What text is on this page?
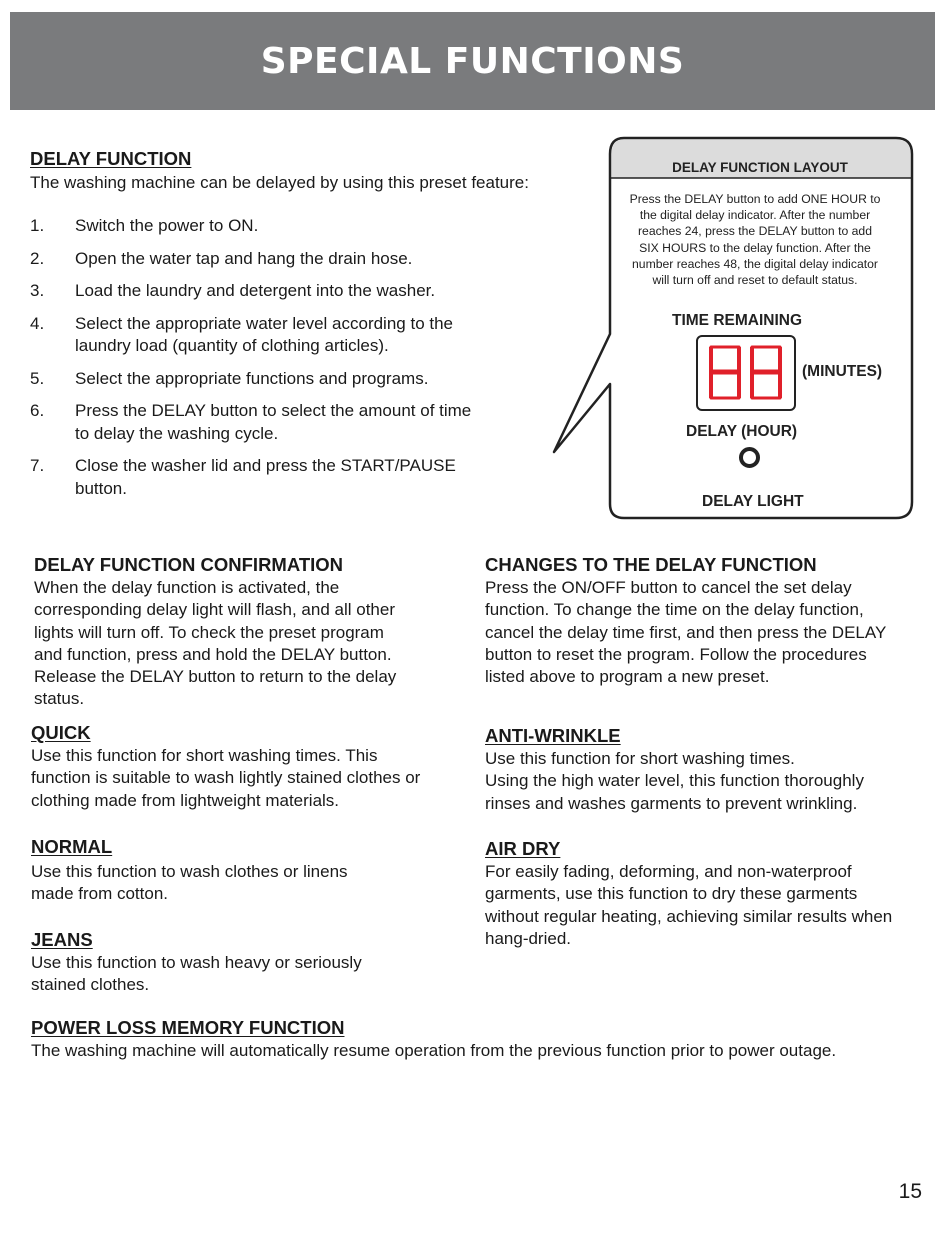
SPECIAL FUNCTIONS
DELAY FUNCTION
The washing machine can be delayed by using this preset feature:
1. Switch the power to ON.
2. Open the water tap and hang the drain hose.
3. Load the laundry and detergent into the washer.
4. Select the appropriate water level according to the laundry load (quantity of clothing articles).
5. Select the appropriate functions and programs.
6. Press the DELAY button to select the amount of time to delay the washing cycle.
7. Close the washer lid and press the START/PAUSE button.
DELAY FUNCTION LAYOUT
Press the DELAY button to add ONE HOUR to the digital delay indicator. After the number reaches 24, press the DELAY button to add SIX HOURS to the delay function. After the number reaches 48, the digital delay indicator will turn off and reset to default status.
TIME REMAINING
(MINUTES)
DELAY (HOUR)
DELAY LIGHT
DELAY FUNCTION CONFIRMATION
When the delay function is activated, the corresponding delay light will flash, and all other lights will turn off. To check the preset program and function, press and hold the DELAY button. Release the DELAY button to return to the delay status.
CHANGES TO THE DELAY FUNCTION
Press the ON/OFF button to cancel the set delay function. To change the time on the delay function, cancel the delay time first, and then press the DELAY button to reset the program. Follow the procedures listed above to program a new preset.
QUICK
Use this function for short washing times. This function is suitable to wash lightly stained clothes or clothing made from lightweight materials.
ANTI-WRINKLE
Use this function for short washing times.
Using the high water level, this function thoroughly rinses and washes garments to prevent wrinkling.
NORMAL
Use this function to wash clothes or linens made from cotton.
AIR DRY
For easily fading, deforming, and non-waterproof garments, use this function to dry these garments without regular heating, achieving similar results when hang-dried.
JEANS
Use this function to wash heavy or seriously stained clothes.
POWER LOSS MEMORY FUNCTION
The washing machine will automatically resume operation from the previous function prior to power outage.
15
